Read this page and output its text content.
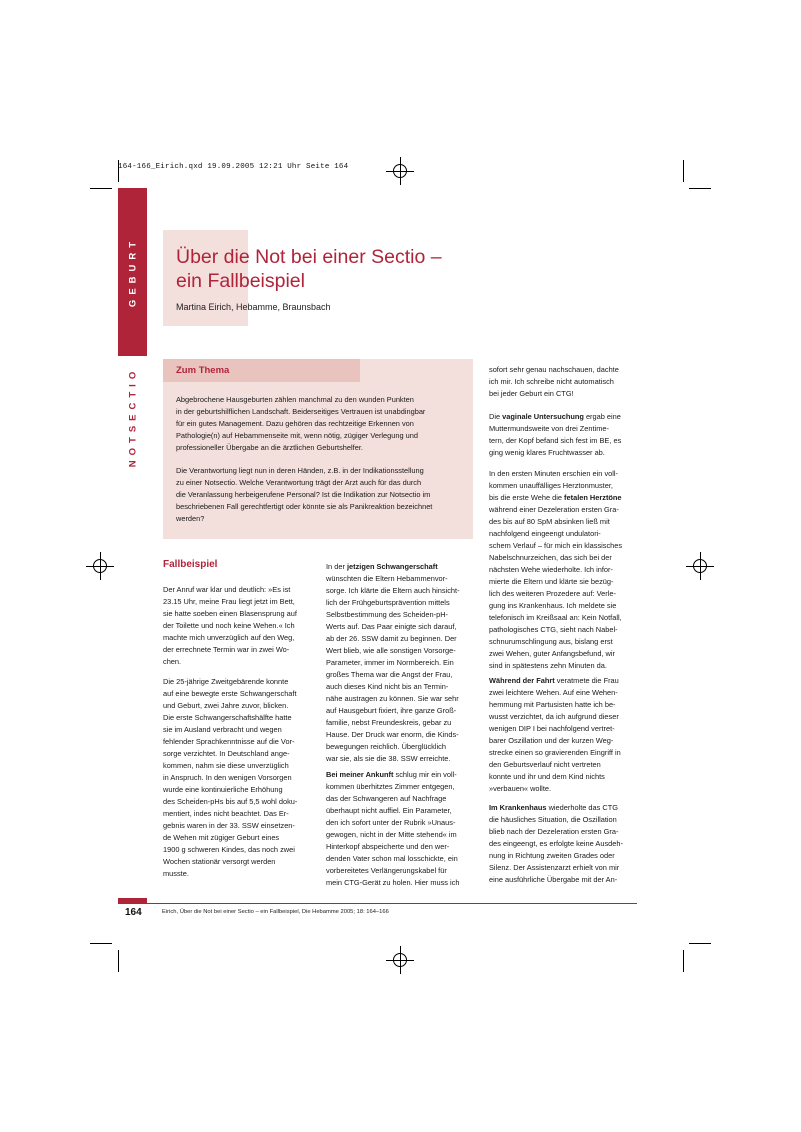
164-166_Eirich.qxd 19.09.2005 12:21 Uhr Seite 164
GEBURT
NOTSECTIO
Über die Not bei einer Sectio –
ein Fallbeispiel
Martina Eirich, Hebamme, Braunsbach
Zum Thema
Abgebrochene Hausgeburten zählen manchmal zu den wunden Punkten
in der geburtshilflichen Landschaft. Beiderseitiges Vertrauen ist unabdingbar
für ein gutes Management. Dazu gehören das rechtzeitige Erkennen von
Pathologie(n) auf Hebammenseite mit, wenn nötig, zügiger Verlegung und
professioneller Übergabe an die ärztlichen Geburtshelfer.
Die Verantwortung liegt nun in deren Händen, z.B. in der Indikationsstellung
zu einer Notsectio. Welche Verantwortung trägt der Arzt auch für das durch
die Veranlassung herbeigerufene Personal? Ist die Indikation zur Notsectio im
beschriebenen Fall gerechtfertigt oder könnte sie als Panikreaktion bezeichnet
werden?
Fallbeispiel
Der Anruf war klar und deutlich: »Es ist
23.15 Uhr, meine Frau liegt jetzt im Bett,
sie hatte soeben einen Blasensprung auf
der Toilette und noch keine Wehen.« Ich
machte mich unverzüglich auf den Weg,
der errechnete Termin war in zwei Wo-
chen.
Die 25-jährige Zweitgebärende konnte
auf eine bewegte erste Schwangerschaft
und Geburt, zwei Jahre zuvor, blicken.
Die erste Schwangerschaftshälfte hatte
sie im Ausland verbracht und wegen
fehlender Sprachkenntnisse auf die Vor-
sorge verzichtet. In Deutschland ange-
kommen, nahm sie diese unverzüglich
in Anspruch. In den wenigen Vorsorgen
wurde eine kontinuierliche Erhöhung
des Scheiden-pHs bis auf 5,5 wohl doku-
mentiert, indes nicht beachtet. Das Er-
gebnis waren in der 33. SSW einsetzen-
de Wehen mit zügiger Geburt eines
1900 g schweren Kindes, das noch zwei
Wochen stationär versorgt werden
musste.
In der jetzigen Schwangerschaft
wünschten die Eltern Hebammenvor-
sorge. Ich klärte die Eltern auch hinsicht-
lich der Frühgeburtsprävention mittels
Selbstbestimmung des Scheiden-pH-
Werts auf. Das Paar einigte sich darauf,
ab der 26. SSW damit zu beginnen. Der
Wert blieb, wie alle sonstigen Vorsorge-
Parameter, immer im Normbereich. Ein
großes Thema war die Angst der Frau,
auch dieses Kind nicht bis an Termin-
nähe austragen zu können. Sie war sehr
auf Hausgeburt fixiert, ihre ganze Groß-
familie, nebst Freundeskreis, gebar zu
Hause. Der Druck war enorm, die Kinds-
bewegungen reichlich. Überglücklich
war sie, als sie die 38. SSW erreichte.
Bei meiner Ankunft schlug mir ein voll-
kommen überhitztes Zimmer entgegen,
das der Schwangeren auf Nachfrage
überhaupt nicht auffiel. Ein Parameter,
den ich sofort unter der Rubrik »Unaus-
gewogen, nicht in der Mitte stehend« im
Hinterkopf abspeicherte und den wer-
denden Vater schon mal losschickte, ein
vorbereitetes Verlängerungskabel für
mein CTG-Gerät zu holen. Hier muss ich
sofort sehr genau nachschauen, dachte
ich mir. Ich schreibe nicht automatisch
bei jeder Geburt ein CTG!
Die vaginale Untersuchung ergab eine
Muttermundsweite von drei Zentime-
tern, der Kopf befand sich fest im BE, es
ging wenig klares Fruchtwasser ab.
In den ersten Minuten erschien ein voll-
kommen unauffälliges Herztonmuster,
bis die erste Wehe die fetalen Herztöne
während einer Dezeleration ersten Gra-
des bis auf 80 SpM absinken ließ mit
nachfolgend eingeengt undulatori-
schem Verlauf – für mich ein klassisches
Nabelschnurzeichen, das sich bei der
nächsten Wehe wiederholte. Ich infor-
mierte die Eltern und klärte sie bezüg-
lich des weiteren Prozedere auf: Verle-
gung ins Krankenhaus. Ich meldete sie
telefonisch im Kreißsaal an: Kein Notfall,
pathologisches CTG, sieht nach Nabel-
schnurumschlingung aus, bislang erst
zwei Wehen, guter Anfangsbefund, wir
sind in spätestens zehn Minuten da.
Während der Fahrt veratmete die Frau
zwei leichtere Wehen. Auf eine Wehen-
hemmung mit Partusisten hatte ich be-
wusst verzichtet, da ich aufgrund dieser
wenigen DIP I bei nachfolgend vertret-
barer Oszillation und der kurzen Weg-
strecke einen so gravierenden Eingriff in
den Geburtsverlauf nicht vertreten
konnte und ihr und dem Kind nichts
»verbauen« wollte.
Im Krankenhaus wiederholte das CTG
die häusliches Situation, die Oszillation
blieb nach der Dezeleration ersten Gra-
des eingeengt, es erfolgte keine Ausdeh-
nung in Richtung zweiten Grades oder
Silenz. Der Assistenzarzt erhielt von mir
eine ausführliche Übergabe mit der An-
164	Eirich, Über die Not bei einer Sectio – ein Fallbeispiel, Die Hebamme 2005; 18: 164–166
